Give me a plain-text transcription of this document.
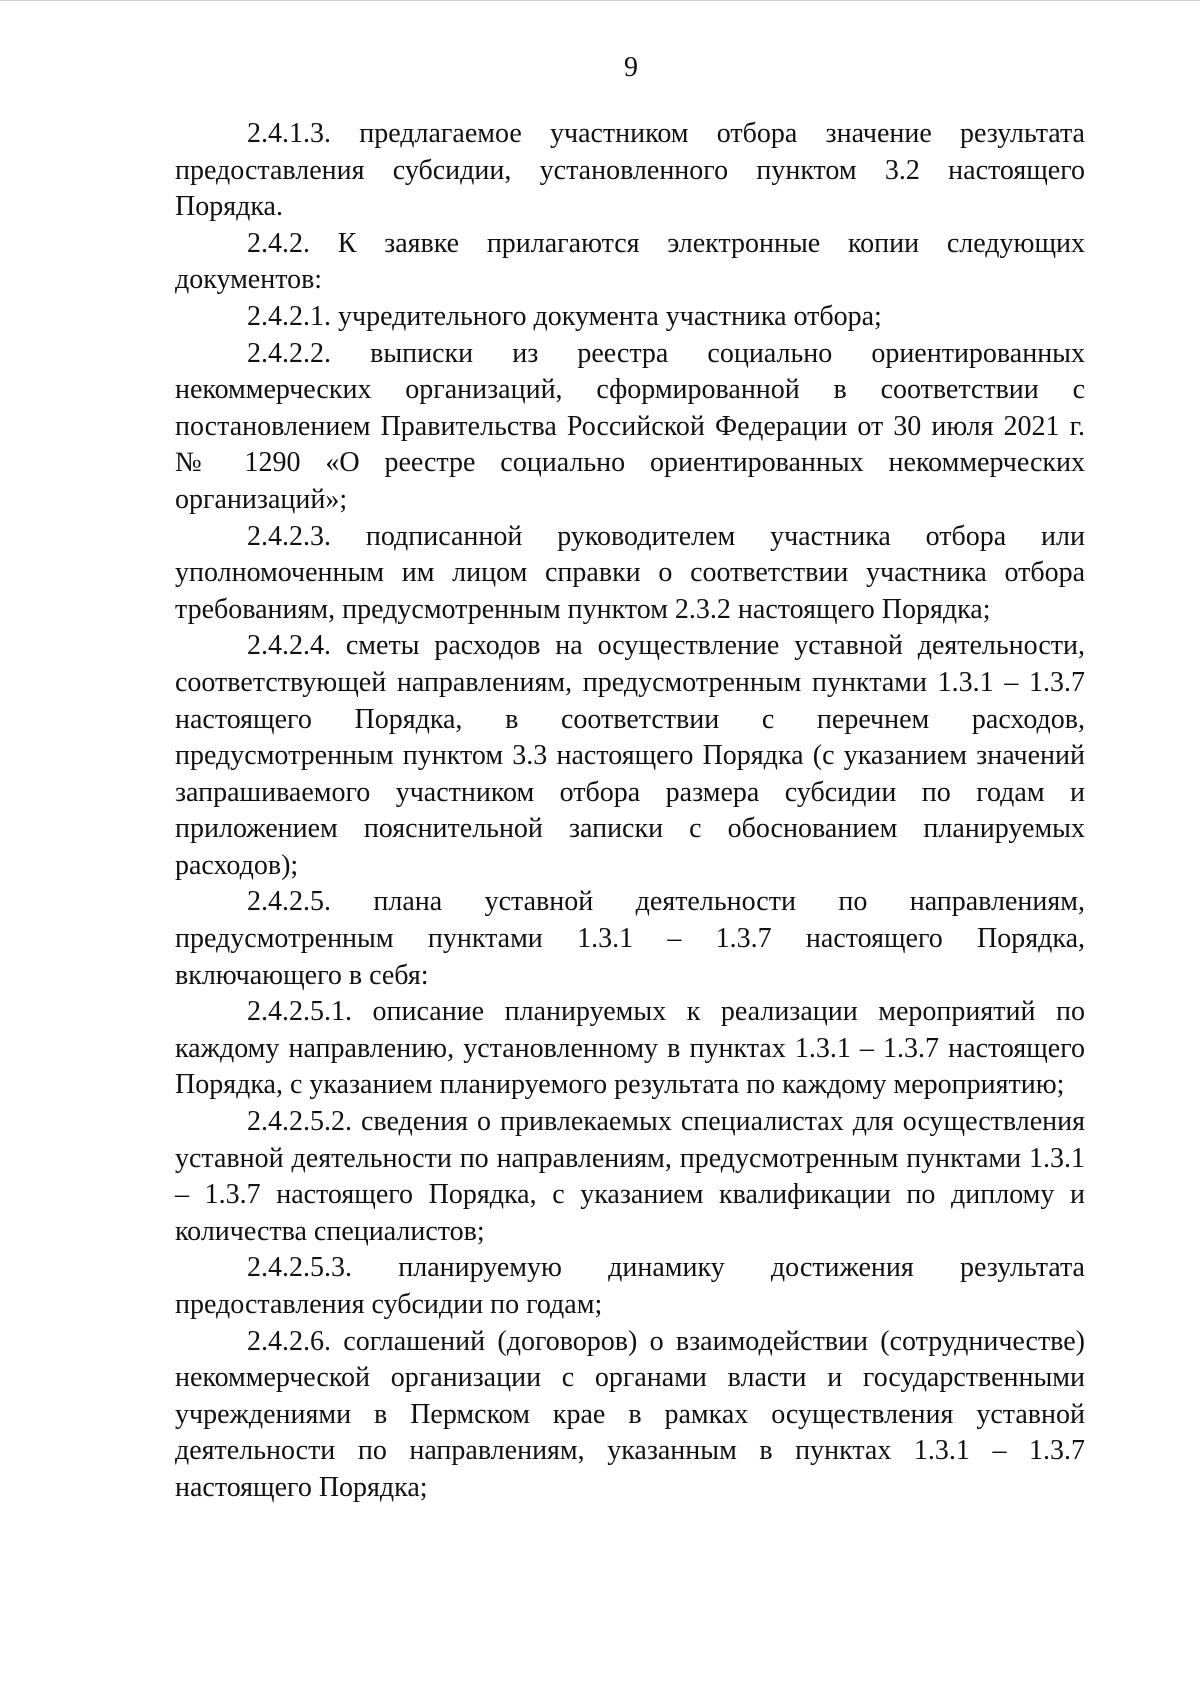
9

2.4.1.3. предлагаемое участником отбора значение результата предоставления субсидии, установленного пунктом 3.2 настоящего Порядка.

2.4.2. К заявке прилагаются электронные копии следующих документов:

2.4.2.1. учредительного документа участника отбора;

2.4.2.2. выписки из реестра социально ориентированных некоммерческих организаций, сформированной в соответствии с постановлением Правительства Российской Федерации от 30 июля 2021 г. № 1290 «О реестре социально ориентированных некоммерческих организаций»;

2.4.2.3. подписанной руководителем участника отбора или уполномоченным им лицом справки о соответствии участника отбора требованиям, предусмотренным пунктом 2.3.2 настоящего Порядка;

2.4.2.4. сметы расходов на осуществление уставной деятельности, соответствующей направлениям, предусмотренным пунктами 1.3.1 – 1.3.7 настоящего Порядка, в соответствии с перечнем расходов, предусмотренным пунктом 3.3 настоящего Порядка (с указанием значений запрашиваемого участником отбора размера субсидии по годам и приложением пояснительной записки с обоснованием планируемых расходов);

2.4.2.5. плана уставной деятельности по направлениям, предусмотренным пунктами 1.3.1 – 1.3.7 настоящего Порядка, включающего в себя:

2.4.2.5.1. описание планируемых к реализации мероприятий по каждому направлению, установленному в пунктах 1.3.1 – 1.3.7 настоящего Порядка, с указанием планируемого результата по каждому мероприятию;

2.4.2.5.2. сведения о привлекаемых специалистах для осуществления уставной деятельности по направлениям, предусмотренным пунктами 1.3.1 – 1.3.7 настоящего Порядка, с указанием квалификации по диплому и количества специалистов;

2.4.2.5.3. планируемую динамику достижения результата предоставления субсидии по годам;

2.4.2.6. соглашений (договоров) о взаимодействии (сотрудничестве) некоммерческой организации с органами власти и государственными учреждениями в Пермском крае в рамках осуществления уставной деятельности по направлениям, указанным в пунктах 1.3.1 – 1.3.7 настоящего Порядка;
